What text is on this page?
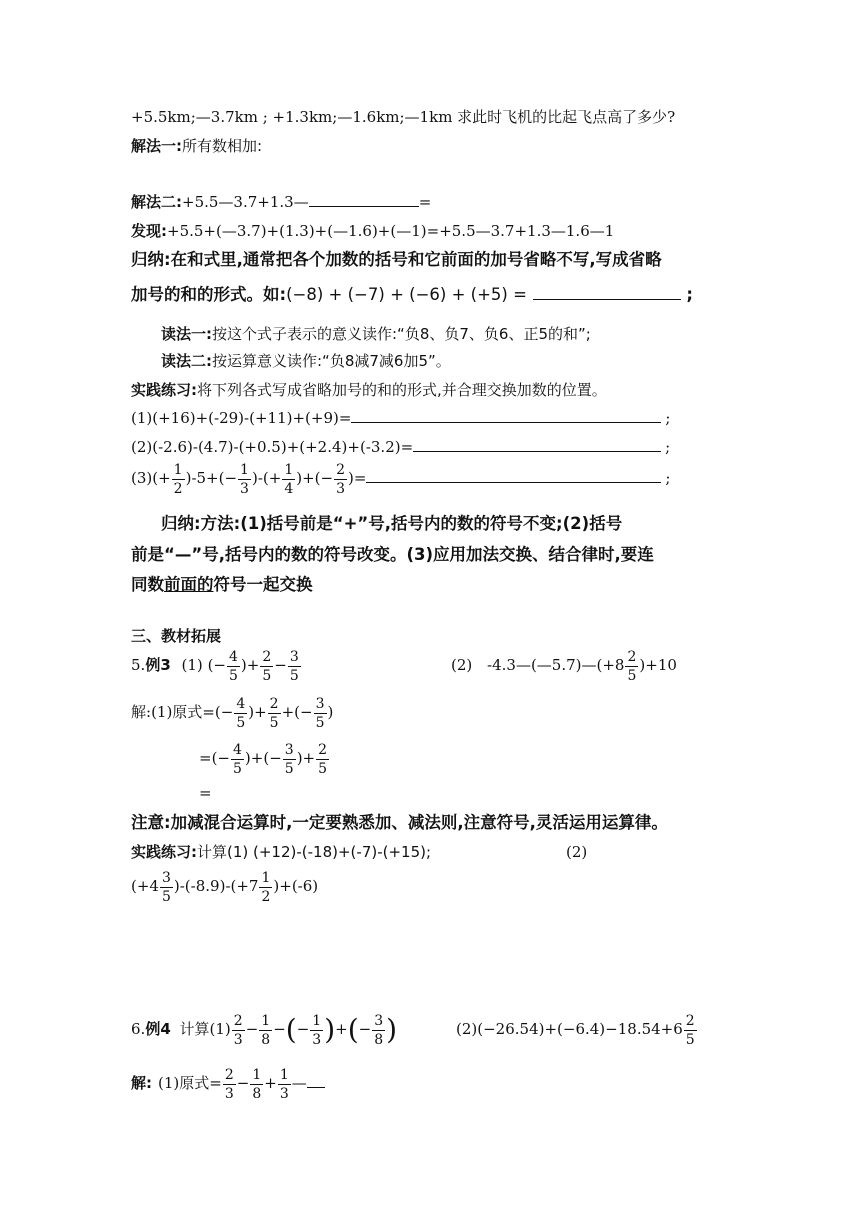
+5.5km;—3.7km ; +1.3km;—1.6km;—1km 求此时飞机的比起飞点高了多少?
解法一:所有数相加:
解法二:+5.5—3.7+1.3—	=
发现:+5.5+(—3.7)+(1.3)+(—1.6)+(—1)=+5.5—3.7+1.3—1.6—1
归纳:在和式里,通常把各个加数的括号和它前面的加号省略不写,写成省略
加号的和的形式。如:(−8) + (−7) + (−6) + (+5) =	;
读法一:按这个式子表示的意义读作:“负8、负7、负6、正5的和”;
读法二:按运算意义读作:“负8减7减6加5”。
实践练习:将下列各式写成省略加号的和的形式,并合理交换加数的位置。
(1)(+16)+(-29)-(+11)+(+9)=	;
(2)(-2.6)-(4.7)-(+0.5)+(+2.4)+(-3.2)=	;
$(3)(+ \frac{1}{2} )-5+(- \frac{1}{3}$ )-(+ $\frac{1}{4}$ )+(− $\frac{2}{3}$ )=	;
归纳:方法:(1)括号前是“+”号,括号内的数的符号不变;(2)括号
前是“—”号,括号内的数的符号改变。(3)应用加法交换、结合律时,要连
同数前面的符号一起交换
三、教材拓展
5.例3 (1) (− $\frac{4}{5}$ )+ $\frac{2}{5} - \frac{3}{5}$	(2) -4.3—(—5.7)—(+8 $\frac{2}{5} )+10$
解:(1)原式=(− $\frac{4}{5}$ )+ $\frac{2}{5}$ +(− $\frac{3}{5}$ )
=(− $\frac{4}{5}$ )+(− $\frac{3}{5}$ )+ $\frac{2}{5}$
=
注意:加减混合运算时,一定要熟悉加、减法则,注意符号,灵活运用运算律。
实践练习:计算(1) (+12)-(-18)+(-7)-(+15);	(2)
$(+4 \frac{3}{5} )-(-8.9)-(+7 \frac{1}{2} )+(-6)$
6.例4 计算$(1) \frac{2}{3} - \frac{1}{8}$ −(− $\frac{1}{3}$ )+(− $\frac{3}{8}$ )	$(2)(-26.54)+(-6.4)-18.54+6 \frac{2}{5}$
解: (1)原式= $\frac{2}{3} - \frac{1}{8} + \frac{1}{3}$ —
